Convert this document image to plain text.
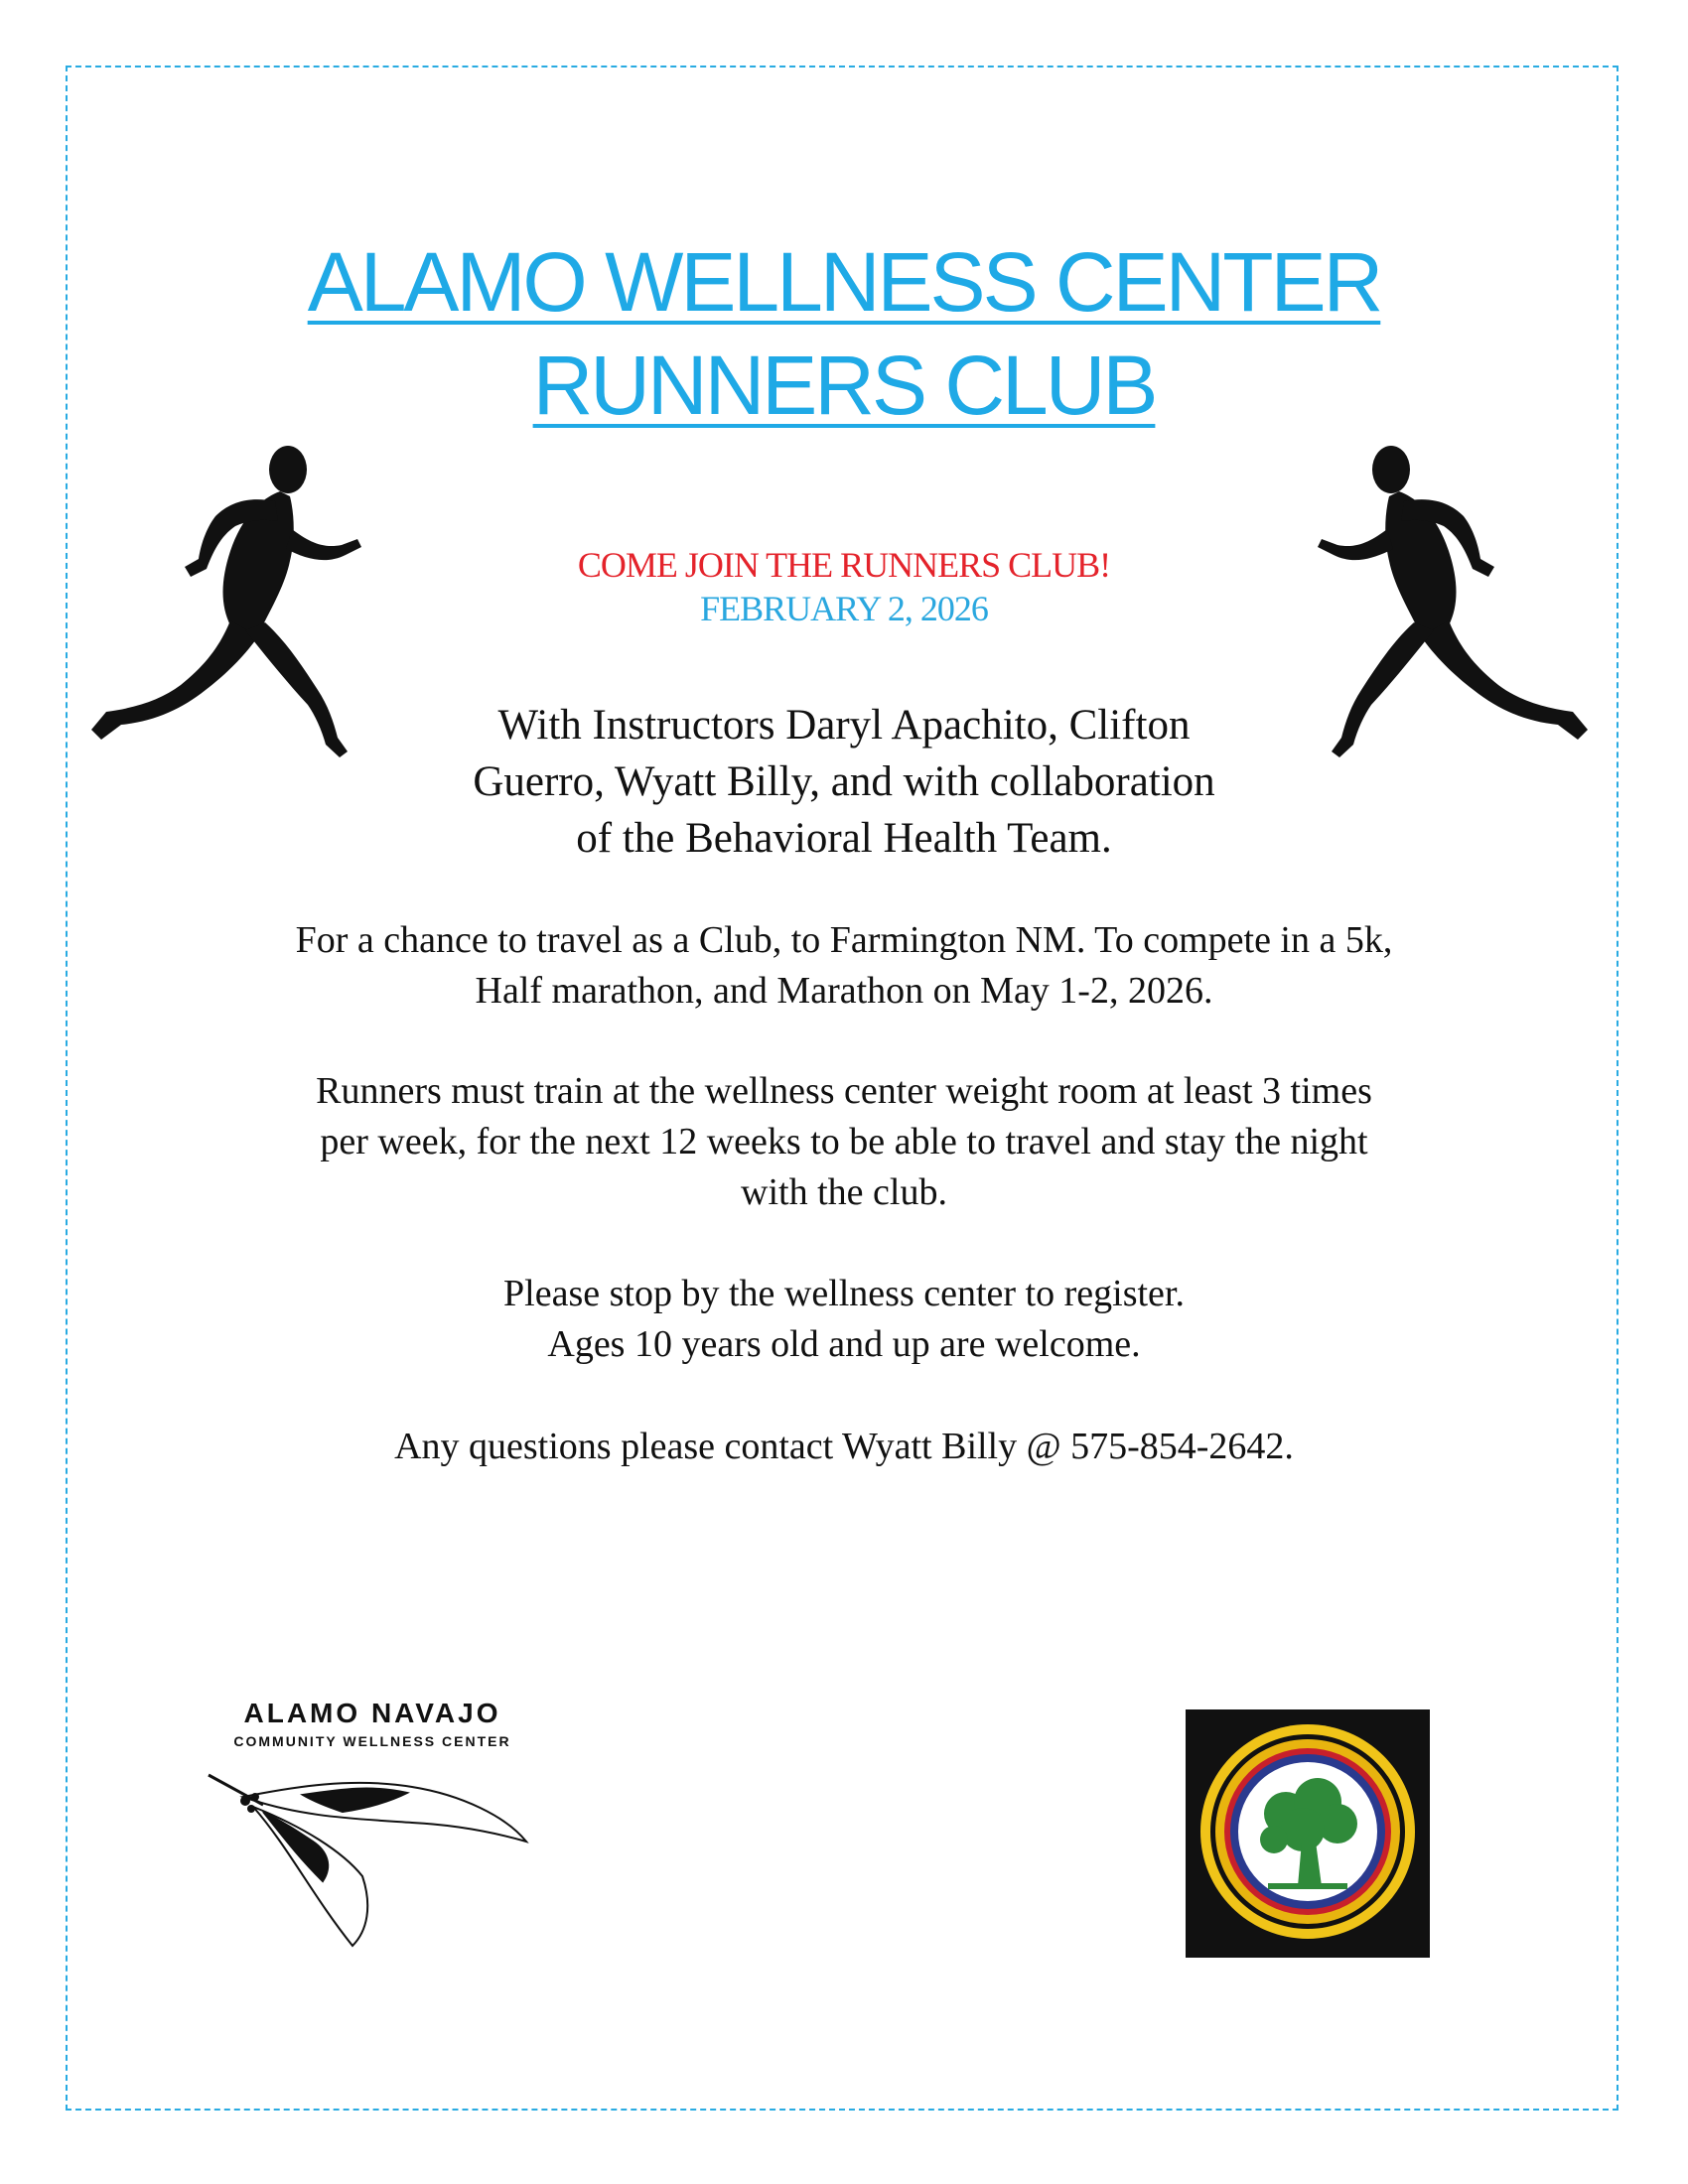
ALAMO WELLNESS CENTER
RUNNERS CLUB
COME JOIN THE RUNNERS CLUB!
FEBRUARY 2, 2026
With Instructors Daryl Apachito, Clifton
Guerro, Wyatt Billy, and with collaboration
of the Behavioral Health Team.
For a chance to travel as a Club, to Farmington NM. To compete in a 5k,
Half marathon, and Marathon on May 1-2, 2026.
Runners must train at the wellness center weight room at least 3 times
per week, for the next 12 weeks to be able to travel and stay the night
with the club.
Please stop by the wellness center to register.
Ages 10 years old and up are welcome.
Any questions please contact Wyatt Billy @ 575-854-2642.
ALAMO NAVAJO
COMMUNITY WELLNESS CENTER
